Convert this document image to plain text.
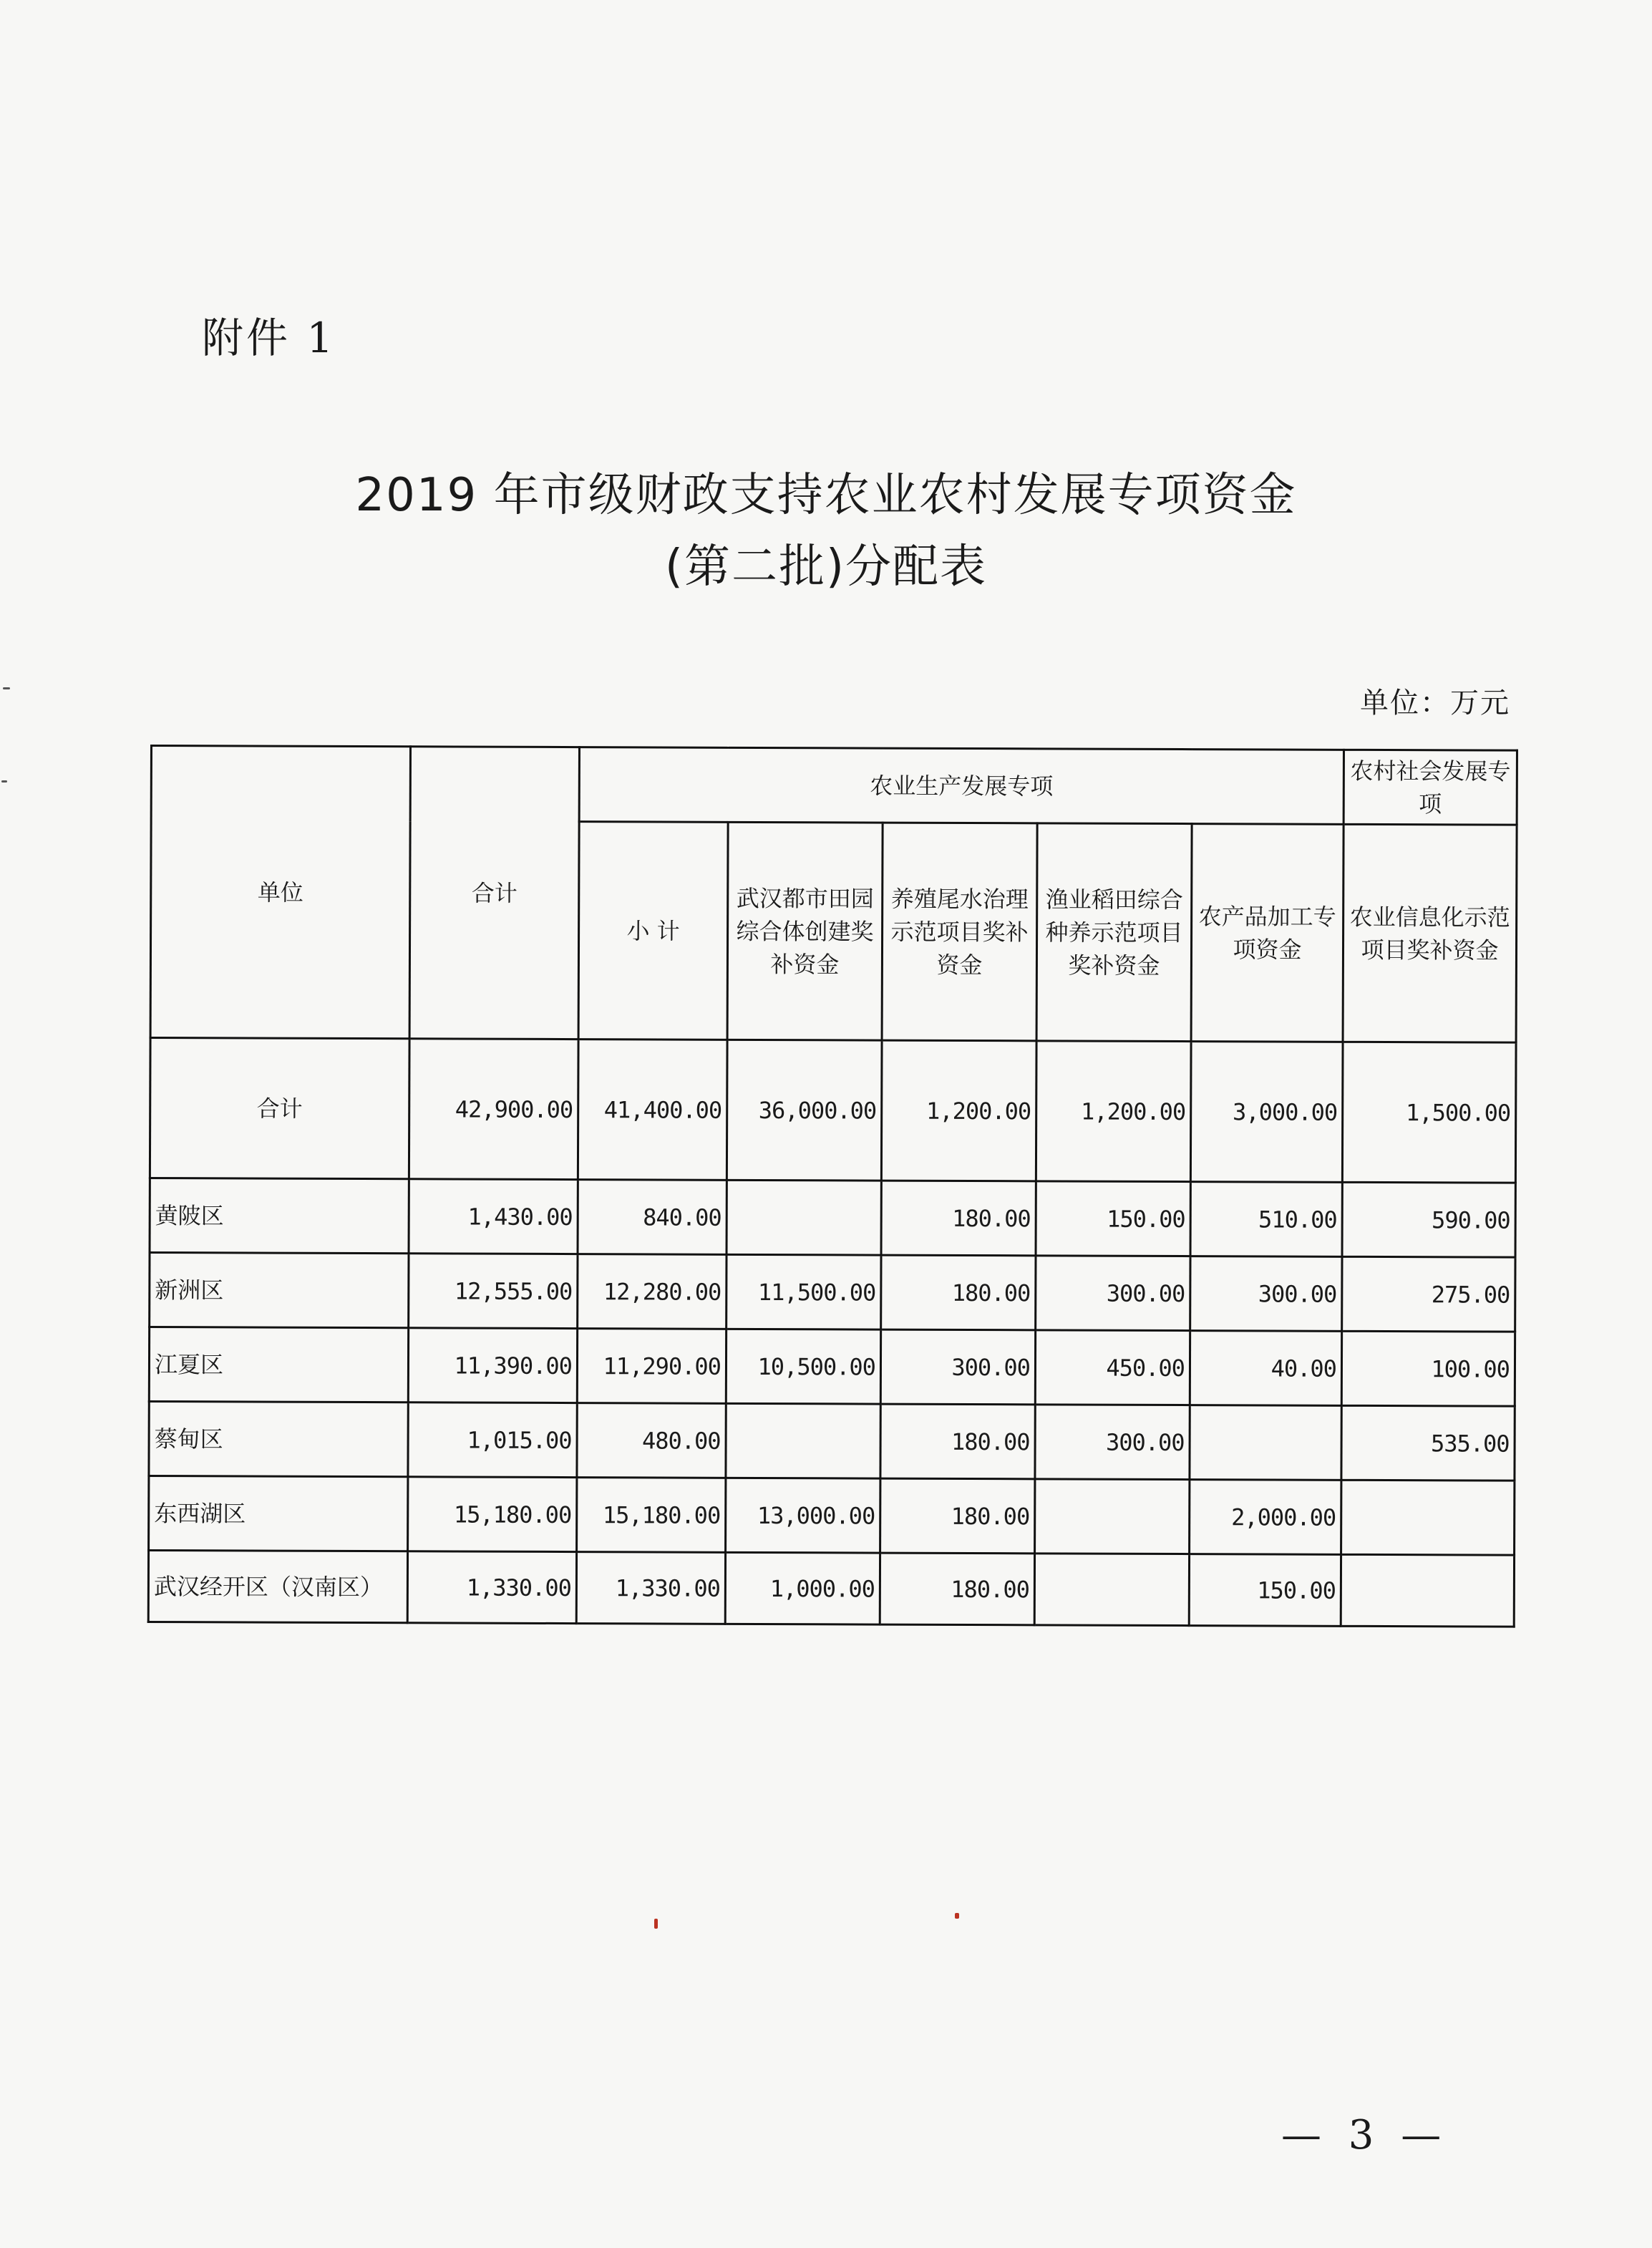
附件 1
2019 年市级财政支持农业农村发展专项资金
(第二批)分配表
单位：万元
单位	合计	农业生产发展专项					农村社会发展专项
		小 计	武汉都市田园综合体创建奖补资金	养殖尾水治理示范项目奖补资金	渔业稻田综合种养示范项目奖补资金	农产品加工专项资金	农业信息化示范项目奖补资金
合计	42,900.00	41,400.00	36,000.00	1,200.00	1,200.00	3,000.00	1,500.00
黄陂区	1,430.00	840.00		180.00	150.00	510.00	590.00
新洲区	12,555.00	12,280.00	11,500.00	180.00	300.00	300.00	275.00
江夏区	11,390.00	11,290.00	10,500.00	300.00	450.00	40.00	100.00
蔡甸区	1,015.00	480.00		180.00	300.00		535.00
东西湖区	15,180.00	15,180.00	13,000.00	180.00		2,000.00	
武汉经开区（汉南区）	1,330.00	1,330.00	1,000.00	180.00		150.00	
— 3 —
